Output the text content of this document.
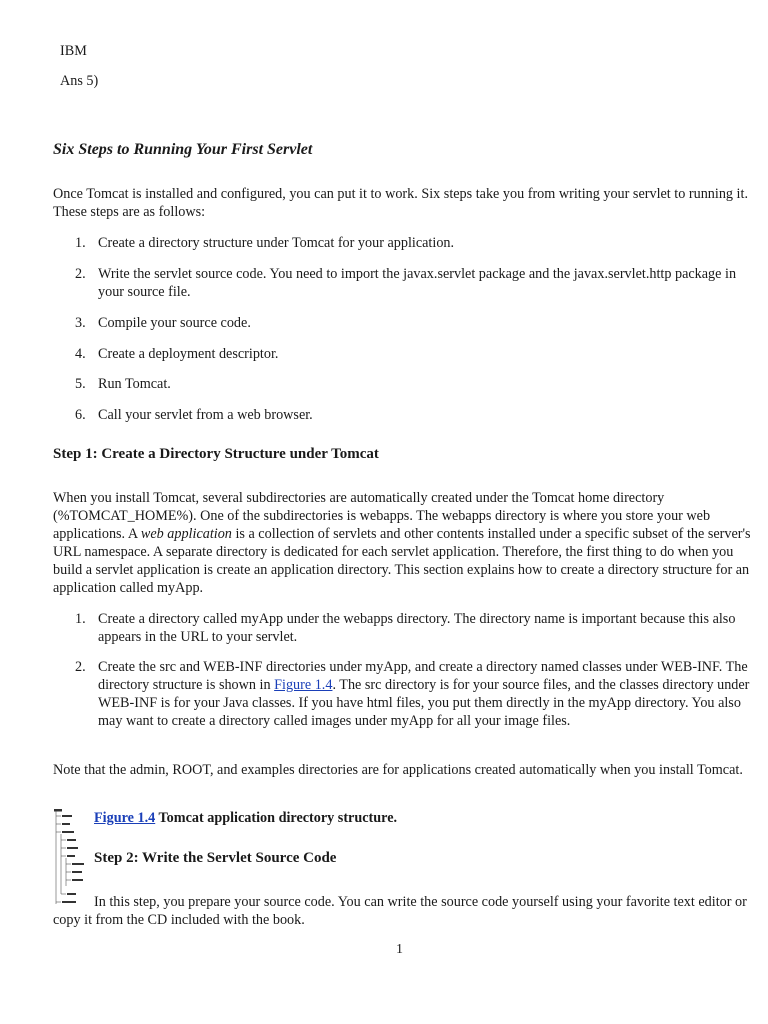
IBM

Ans 5)

Six Steps to Running Your First Servlet

Once Tomcat is installed and configured, you can put it to work. Six steps take you from writing your servlet to running it. These steps are as follows:

1. Create a directory structure under Tomcat for your application.
2. Write the servlet source code. You need to import the javax.servlet package and the javax.servlet.http package in your source file.
3. Compile your source code.
4. Create a deployment descriptor.
5. Run Tomcat.
6. Call your servlet from a web browser.

Step 1: Create a Directory Structure under Tomcat

When you install Tomcat, several subdirectories are automatically created under the Tomcat home directory (%TOMCAT_HOME%). One of the subdirectories is webapps. The webapps directory is where you store your web applications. A web application is a collection of servlets and other contents installed under a specific subset of the server's URL namespace. A separate directory is dedicated for each servlet application. Therefore, the first thing to do when you build a servlet application is create an application directory. This section explains how to create a directory structure for an application called myApp.

1. Create a directory called myApp under the webapps directory. The directory name is important because this also appears in the URL to your servlet.
2. Create the src and WEB-INF directories under myApp, and create a directory named classes under WEB-INF. The directory structure is shown in Figure 1.4. The src directory is for your source files, and the classes directory under WEB-INF is for your Java classes. If you have html files, you put them directly in the myApp directory. You also may want to create a directory called images under myApp for all your image files.

Note that the admin, ROOT, and examples directories are for applications created automatically when you install Tomcat.

Figure 1.4 Tomcat application directory structure.

Step 2: Write the Servlet Source Code

In this step, you prepare your source code. You can write the source code yourself using your favorite text editor or copy it from the CD included with the book.

1
